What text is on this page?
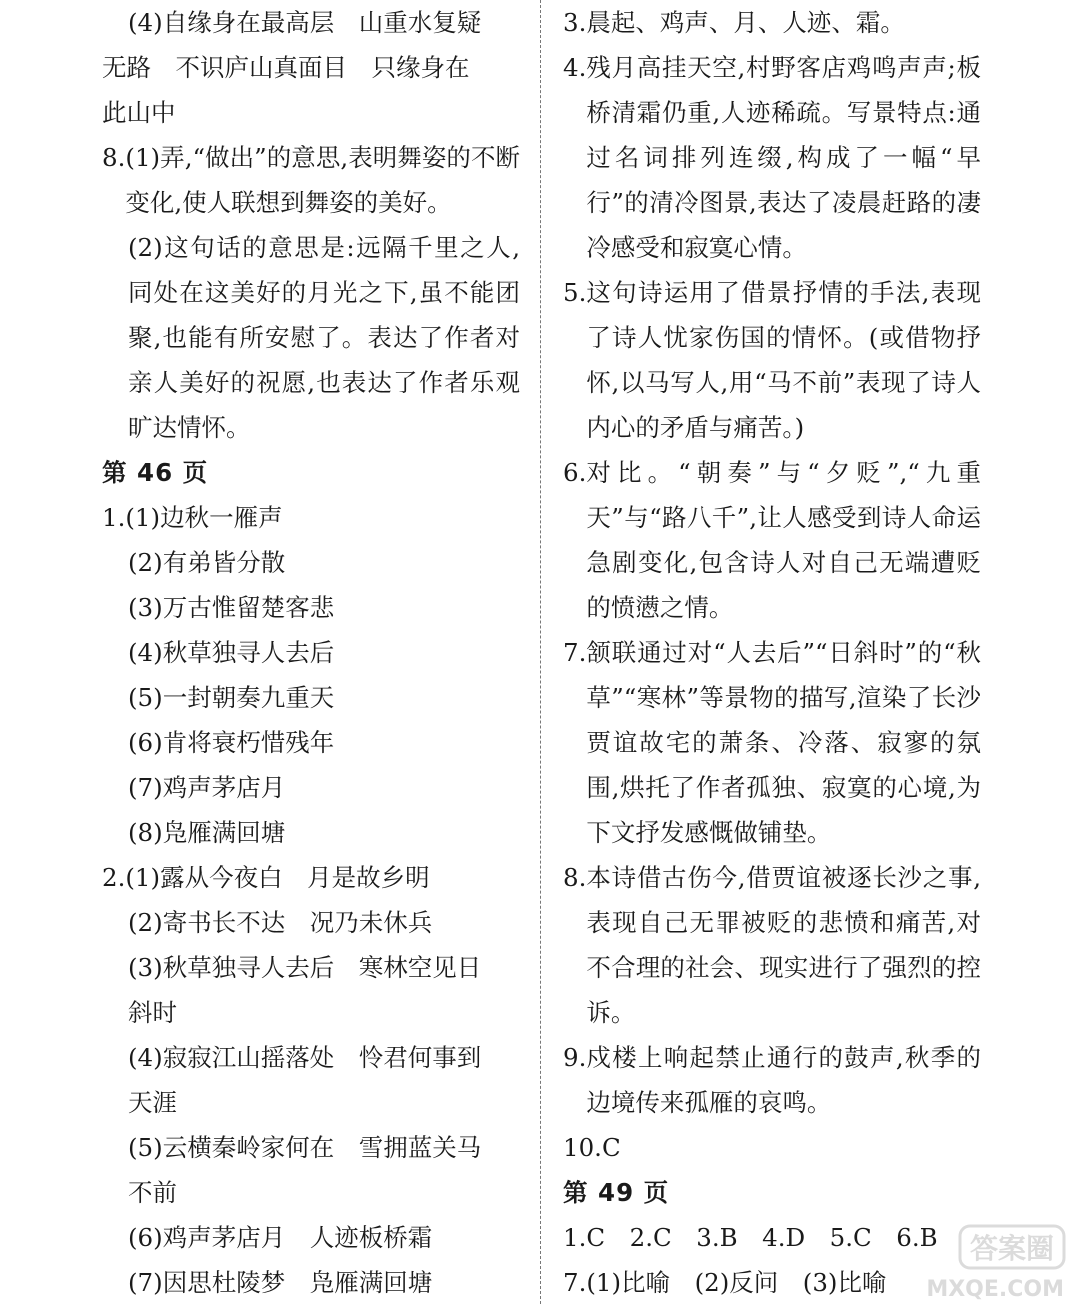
(4)自缘身在最高层　山重水复疑
无路　不识庐山真面目　只缘身在
此山中
8. (1)弄,“做出”的意思,表明舞姿的不断变化,使人联想到舞姿的美好。
(2)这句话的意思是:远隔千里之人,同处在这美好的月光之下,虽不能团聚,也能有所安慰了。表达了作者对亲人美好的祝愿,也表达了作者乐观旷达情怀。
第 46 页
1.(1)边秋一雁声
(2)有弟皆分散
(3)万古惟留楚客悲
(4)秋草独寻人去后
(5)一封朝奏九重天
(6)肯将衰朽惜残年
(7)鸡声茅店月
(8)凫雁满回塘
2.(1)露从今夜白　月是故乡明
(2)寄书长不达　况乃未休兵
(3)秋草独寻人去后　寒林空见日
斜时
(4)寂寂江山摇落处　怜君何事到
天涯
(5)云横秦岭家何在　雪拥蓝关马
不前
(6)鸡声茅店月　人迹板桥霜
(7)因思杜陵梦　凫雁满回塘
3.晨起、鸡声、月、人迹、霜。
4. 残月高挂天空,村野客店鸡鸣声声;板桥清霜仍重,人迹稀疏。写景特点:通过名词排列连缀,构成了一幅“早行”的清冷图景,表达了凌晨赶路的凄冷感受和寂寞心情。
5. 这句诗运用了借景抒情的手法,表现了诗人忧家伤国的情怀。(或借物抒怀,以马写人,用“马不前”表现了诗人内心的矛盾与痛苦。)
6. 对比。“朝奏”与“夕贬”,“九重天”与“路八千”,让人感受到诗人命运急剧变化,包含诗人对自己无端遭贬的愤懑之情。
7. 颔联通过对“人去后”“日斜时”的“秋草”“寒林”等景物的描写,渲染了长沙贾谊故宅的萧条、冷落、寂寥的氛围,烘托了作者孤独、寂寞的心境,为下文抒发感慨做铺垫。
8. 本诗借古伤今,借贾谊被逐长沙之事,表现自己无罪被贬的悲愤和痛苦,对不合理的社会、现实进行了强烈的控诉。
9. 戍楼上响起禁止通行的鼓声,秋季的边境传来孤雁的哀鸣。
10.C
第 49 页
1.C　2.C　3.B　4.D　5.C　6.B
7.(1)比喻　(2)反问　(3)比喻
答案圈
MXQE.COM
